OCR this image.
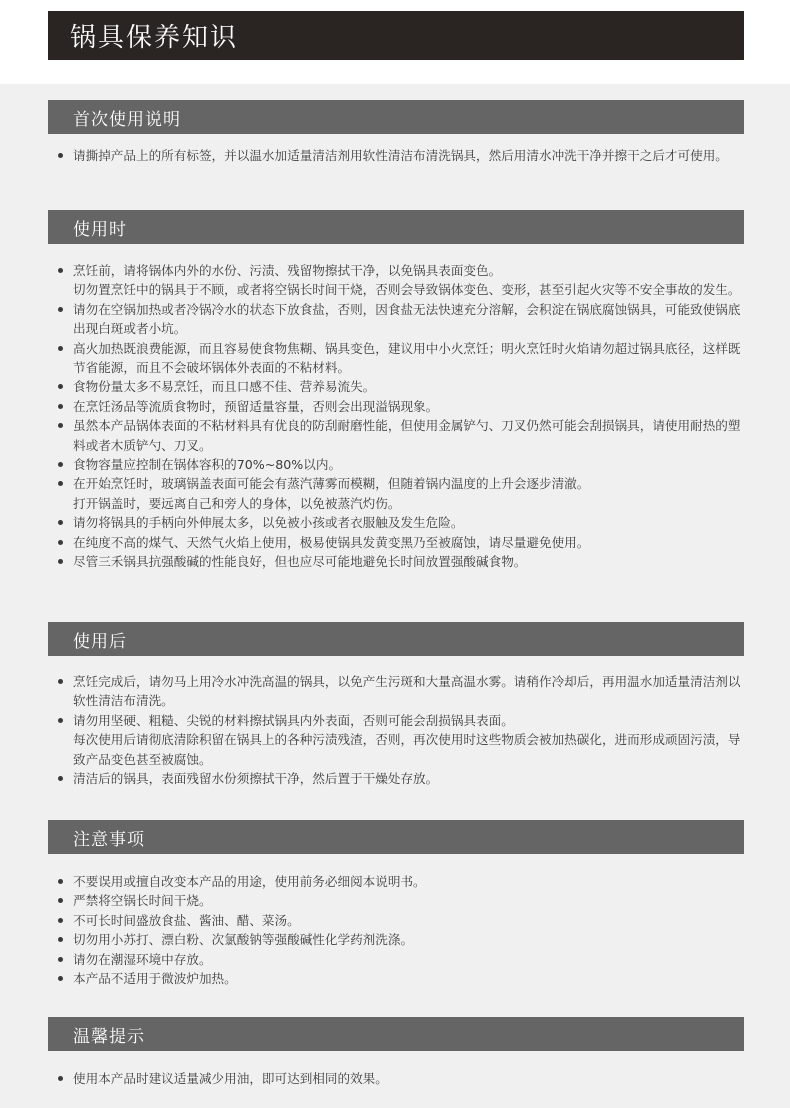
锅具保养知识
首次使用说明
请撕掉产品上的所有标签，并以温水加适量清洁剂用软性清洁布清洗锅具，然后用清水冲洗干净并擦干之后才可使用。
使用时
烹饪前，请将锅体内外的水份、污渍、残留物擦拭干净，以免锅具表面变色。
切勿置烹饪中的锅具于不顾，或者将空锅长时间干烧，否则会导致锅体变色、变形，甚至引起火灾等不安全事故的发生。
请勿在空锅加热或者冷锅冷水的状态下放食盐，否则，因食盐无法快速充分溶解，会积淀在锅底腐蚀锅具，可能致使锅底出现白斑或者小坑。
高火加热既浪费能源，而且容易使食物焦糊、锅具变色，建议用中小火烹饪；明火烹饪时火焰请勿超过锅具底径，这样既节省能源，而且不会破坏锅体外表面的不粘材料。
食物份量太多不易烹饪，而且口感不佳、营养易流失。
在烹饪汤品等流质食物时，预留适量容量，否则会出现溢锅现象。
虽然本产品锅体表面的不粘材料具有优良的防刮耐磨性能，但使用金属铲勺、刀叉仍然可能会刮损锅具，请使用耐热的塑料或者木质铲勺、刀叉。
食物容量应控制在锅体容积的70%~80%以内。
在开始烹饪时，玻璃锅盖表面可能会有蒸汽薄雾而模糊，但随着锅内温度的上升会逐步清澈。
打开锅盖时，要远离自己和旁人的身体，以免被蒸汽灼伤。
请勿将锅具的手柄向外伸展太多，以免被小孩或者衣服触及发生危险。
在纯度不高的煤气、天然气火焰上使用，极易使锅具发黄变黑乃至被腐蚀，请尽量避免使用。
尽管三禾锅具抗强酸碱的性能良好，但也应尽可能地避免长时间放置强酸碱食物。
使用后
烹饪完成后，请勿马上用冷水冲洗高温的锅具，以免产生污斑和大量高温水雾。请稍作冷却后，再用温水加适量清洁剂以软性清洁布清洗。
请勿用坚硬、粗糙、尖锐的材料擦拭锅具内外表面，否则可能会刮损锅具表面。
每次使用后请彻底清除积留在锅具上的各种污渍残渣，否则，再次使用时这些物质会被加热碳化，进而形成顽固污渍，导致产品变色甚至被腐蚀。
清洁后的锅具，表面残留水份须擦拭干净，然后置于干燥处存放。
注意事项
不要误用或擅自改变本产品的用途，使用前务必细阅本说明书。
严禁将空锅长时间干烧。
不可长时间盛放食盐、酱油、醋、菜汤。
切勿用小苏打、漂白粉、次氯酸钠等强酸碱性化学药剂洗涤。
请勿在潮湿环境中存放。
本产品不适用于微波炉加热。
温馨提示
使用本产品时建议适量减少用油，即可达到相同的效果。
